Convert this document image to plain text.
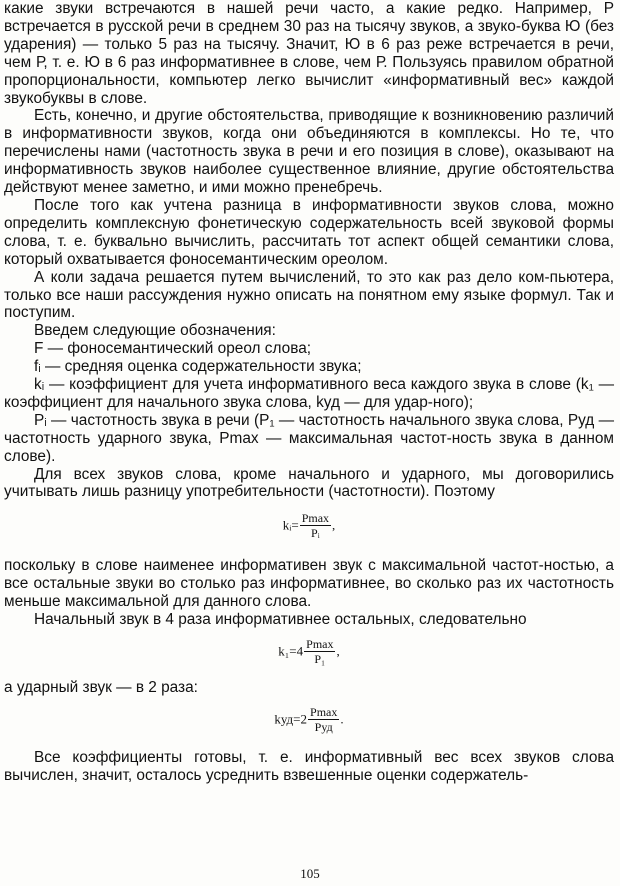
какие звуки встречаются в нашей речи часто, а какие редко. Например, Р встречается в русской речи в среднем 30 раз на тысячу звуков, а звуко-буква Ю (без ударения) — только 5 раз на тысячу. Значит, Ю в 6 раз реже встречается в речи, чем Р, т. е. Ю в 6 раз информативнее в слове, чем Р. Пользуясь правилом обратной пропорциональности, компьютер легко вычислит «информативный вес» каждой звукобуквы в слове.

Есть, конечно, и другие обстоятельства, приводящие к возникновению различий в информативности звуков, когда они объединяются в комплексы. Но те, что перечислены нами (частотность звука в речи и его позиция в слове), оказывают на информативность звуков наиболее существенное влияние, другие обстоятельства действуют менее заметно, и ими можно пренебречь.

После того как учтена разница в информативности звуков слова, можно определить комплексную фонетическую содержательность всей звуковой формы слова, т. е. буквально вычислить, рассчитать тот аспект общей семантики слова, который охватывается фоносемантическим ореолом.

А коли задача решается путем вычислений, то это как раз дело ком-пьютера, только все наши рассуждения нужно описать на понятном ему языке формул. Так и поступим.

Введем следующие обозначения:

F — фоносемантический ореол слова;

fᵢ — средняя оценка содержательности звука;

kᵢ — коэффициент для учета информативного веса каждого звука в слове (k₁ — коэффициент для начального звука слова, kуд — для удар-ного);

Pᵢ — частотность звука в речи (P₁ — частотность начального звука слова, Pуд — частотность ударного звука, Pmax — максимальная частот-ность звука в данном слове).

Для всех звуков слова, кроме начального и ударного, мы договорились учитывать лишь разницу употребительности (частотности). Поэтому

kᵢ= $\frac{Pmax}{\text{Pᵢ}}$ ,

поскольку в слове наименее информативен звук с максимальной частот-ностью, а все остальные звуки во столько раз информативнее, во сколько раз их частотность меньше максимальной для данного слова.

Начальный звук в 4 раза информативнее остальных, следовательно

$k_1=4 \frac{Pmax}{\text{P₁}}$ ,

а ударный звук — в 2 раза:

$kуд=2 \frac{Pmax}{\text{Pуд}}$ .

Все коэффициенты готовы, т. е. информативный вес всех звуков слова вычислен, значит, осталось усреднить взвешенные оценки содержатель-

105
